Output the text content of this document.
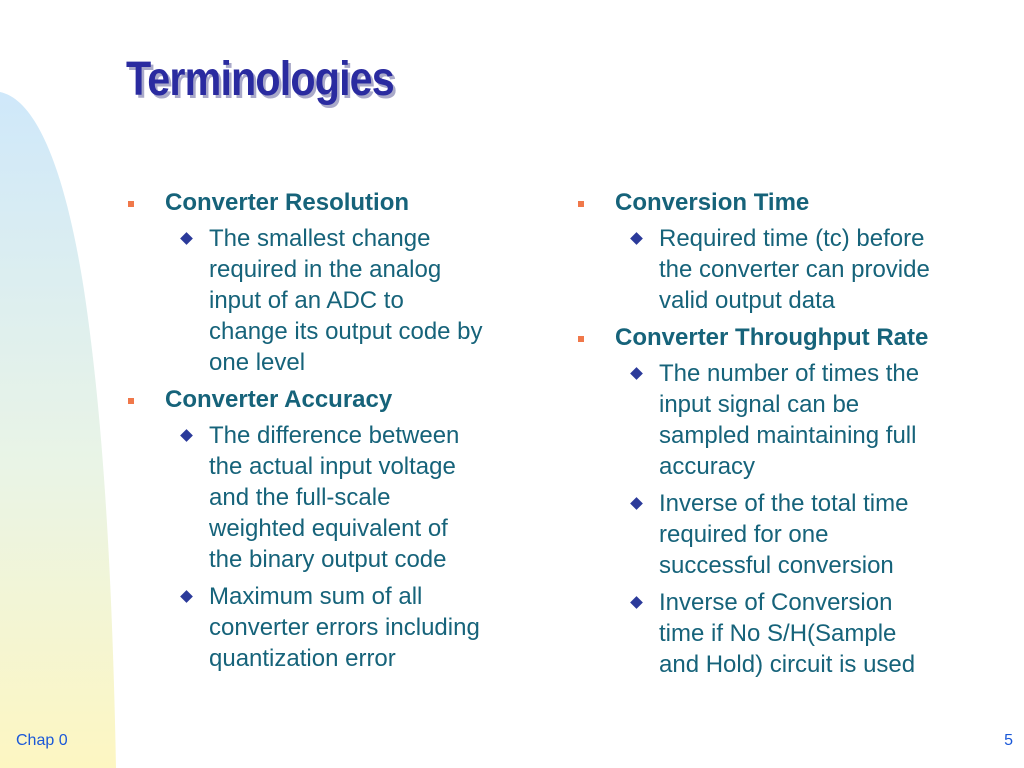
Terminologies
Converter Resolution
The smallest change
required in the analog
input of an ADC to
change its output code by
one level
Converter Accuracy
The difference between
the actual input voltage
and the full-scale
weighted equivalent of
the binary output code
Maximum sum of all
converter errors including
quantization error
Conversion Time
Required time (tc) before
the converter can provide
valid output data
Converter Throughput Rate
The number of times the
input signal can be
sampled maintaining full
accuracy
Inverse of the total time
required for one
successful conversion
Inverse of Conversion
time if No S/H(Sample
and Hold) circuit is used
Chap 0	5
